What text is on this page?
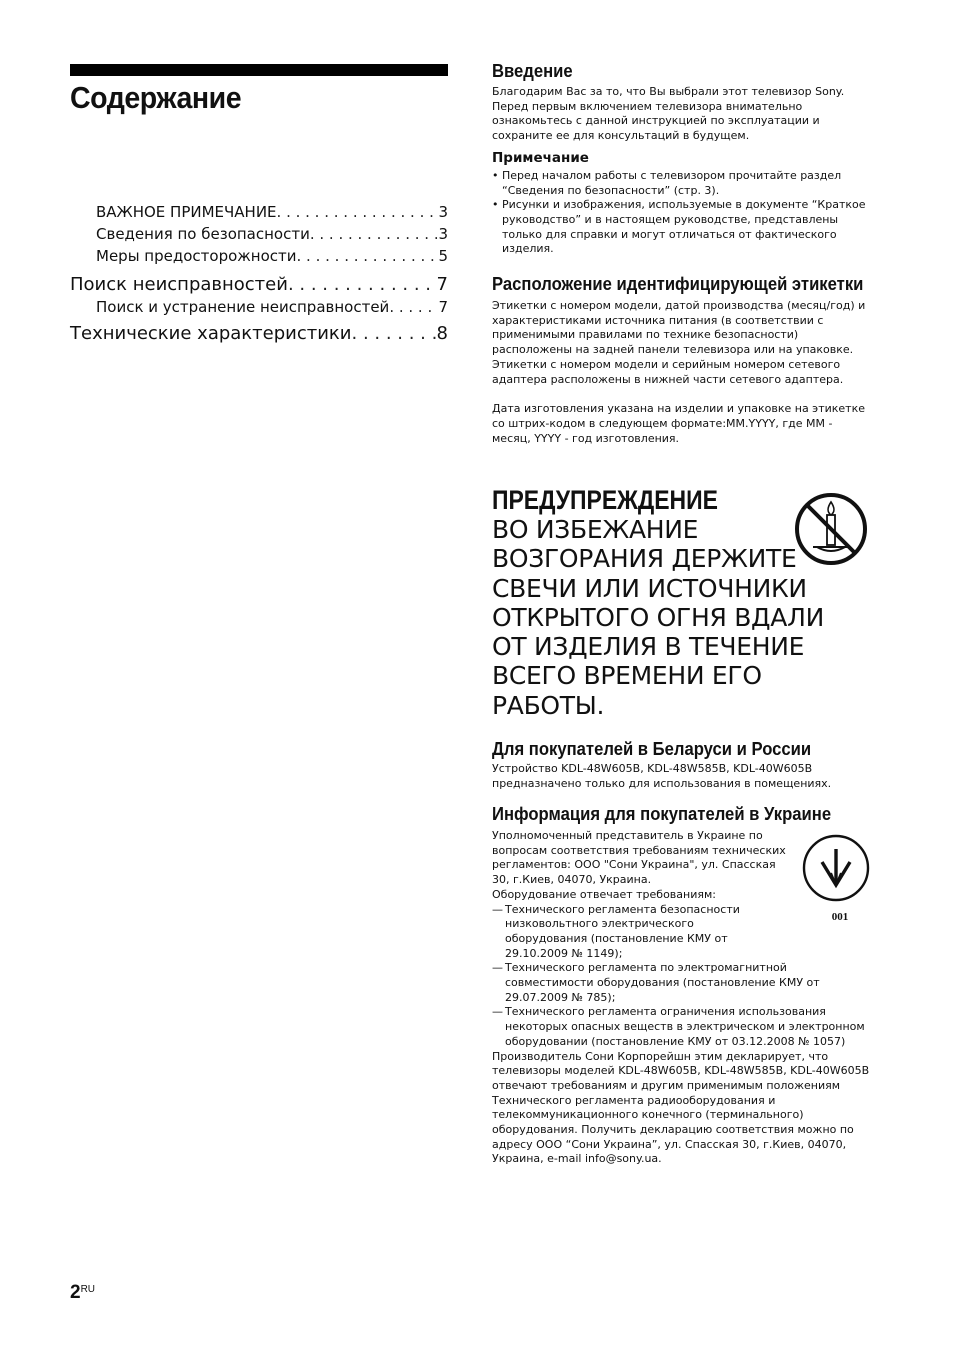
Содержание
ВАЖНОЕ ПРИМЕЧАНИЕ . . .	3
Сведения по безопасности . . .	3
Меры предосторожности . . .	5
Поиск неисправностей . . .	7
Поиск и устранение неисправностей . . .	7
Технические характеристики . . .	8
Введение

Благодарим Вас за то, что Вы выбрали этот телевизор Sony. Перед первым включением телевизора внимательно ознакомьтесь с данной инструкцией по эксплуатации и сохраните ее для консультаций в будущем.

Примечание
• Перед началом работы с телевизором прочитайте раздел “Сведения по безопасности” (стр. 3).
• Рисунки и изображения, используемые в документе “Краткое руководство” и в настоящем руководстве, представлены только для справки и могут отличаться от фактического изделия.
Расположение идентифицирующей этикетки

Этикетки с номером модели, датой производства (месяц/год) и характеристиками источника питания (в соответствии с применимыми правилами по технике безопасности) расположены на задней панели телевизора или на упаковке. Этикетки с номером модели и серийным номером сетевого адаптера расположены в нижней части сетевого адаптера.

Дата изготовления указана на изделии и упаковке на этикетке со штрих-кодом в следующем формате:MM.YYYY, где MM - месяц, YYYY - год изготовления.

ПРЕДУПРЕЖДЕНИЕ

ВО ИЗБЕЖАНИЕ ВОЗГОРАНИЯ ДЕРЖИТЕ СВЕЧИ ИЛИ ИСТОЧНИКИ ОТКРЫТОГО ОГНЯ ВДАЛИ ОТ ИЗДЕЛИЯ В ТЕЧЕНИЕ ВСЕГО ВРЕМЕНИ ЕГО РАБОТЫ.

Для покупателей в Беларуси и России

Устройство KDL-48W605B, KDL-48W585B, KDL-40W605B предназначено только для использования в помещениях.

Информация для покупателей в Украине

Уполномоченный представитель в Украине по вопросам соответствия требованиям технических регламентов: ООО "Сони Украина", ул. Спасская 30, г.Киев, 04070, Украина.

Оборудование отвечает требованиям:

— Технического регламента безопасности низковольтного электрического оборудования (постановление КМУ от 29.10.2009 № 1149);
— Технического регламента по электромагнитной совместимости оборудования (постановление КМУ от 29.07.2009 № 785);
— Технического регламента ограничения использования некоторых опасных веществ в электрическом и электронном оборудовании (постановление КМУ от 03.12.2008 № 1057)

Производитель Сони Корпорейшн этим декларирует, что телевизоры моделей KDL-48W605B, KDL-48W585B, KDL-40W605B отвечают требованиям и другим применимым положениям Технического регламента радиооборудования и телекоммуникационного конечного (терминального) оборудования. Получить декларацию соответствия можно по адресу ООО “Сони Украина”, ул. Спасская 30, г.Киев, 04070, Украина, e-mail info@sony.ua.

001
$2^{RU}$
